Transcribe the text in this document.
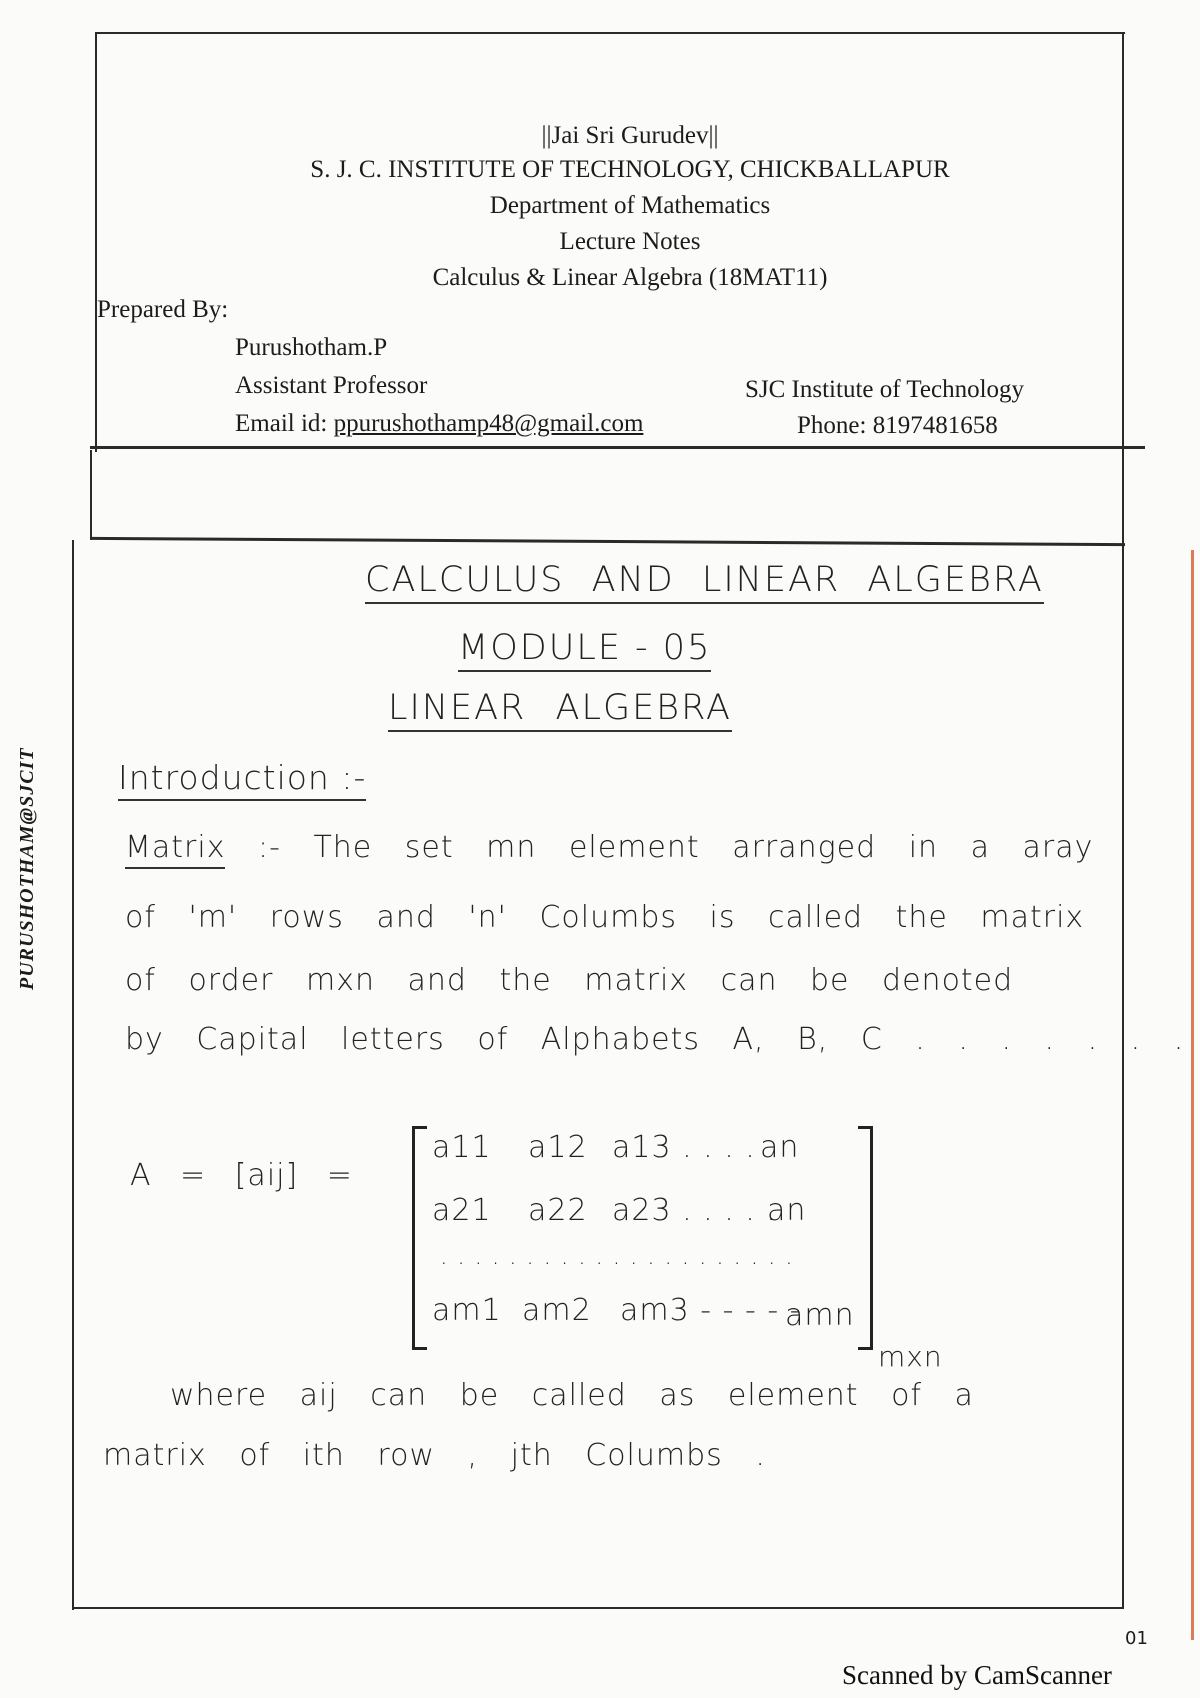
||Jai Sri Gurudev||
S. J. C. INSTITUTE OF TECHNOLOGY, CHICKBALLAPUR
Department of Mathematics
Lecture Notes
Calculus & Linear Algebra (18MAT11)
Prepared By:
Purushotham.P
Assistant Professor
Email id: ppurushothamp48@gmail.com
SJC Institute of Technology
Phone: 8197481658
PURUSHOTHAM@SJCIT
CALCULUS AND LINEAR ALGEBRA
MODULE - 05
LINEAR ALGEBRA
Introduction :-
Matrix :- The set mn element arranged in a aray
of 'm' rows and 'n' Columbs is called the matrix
of order mxn and the matrix can be denoted
by Capital letters of Alphabets A, B, C . . . . . . .
A = [aij] =
a11 a12 a13 . . . . an
a21 a22 a23 . . . . .
an
. . . . . . . . . . . . . . . . . . . . .
am1 am2 am3 - - - - -
amn
mxn
where aij can be called as element of a
matrix of ith row , jth Columbs .
01
Scanned by CamScanner
